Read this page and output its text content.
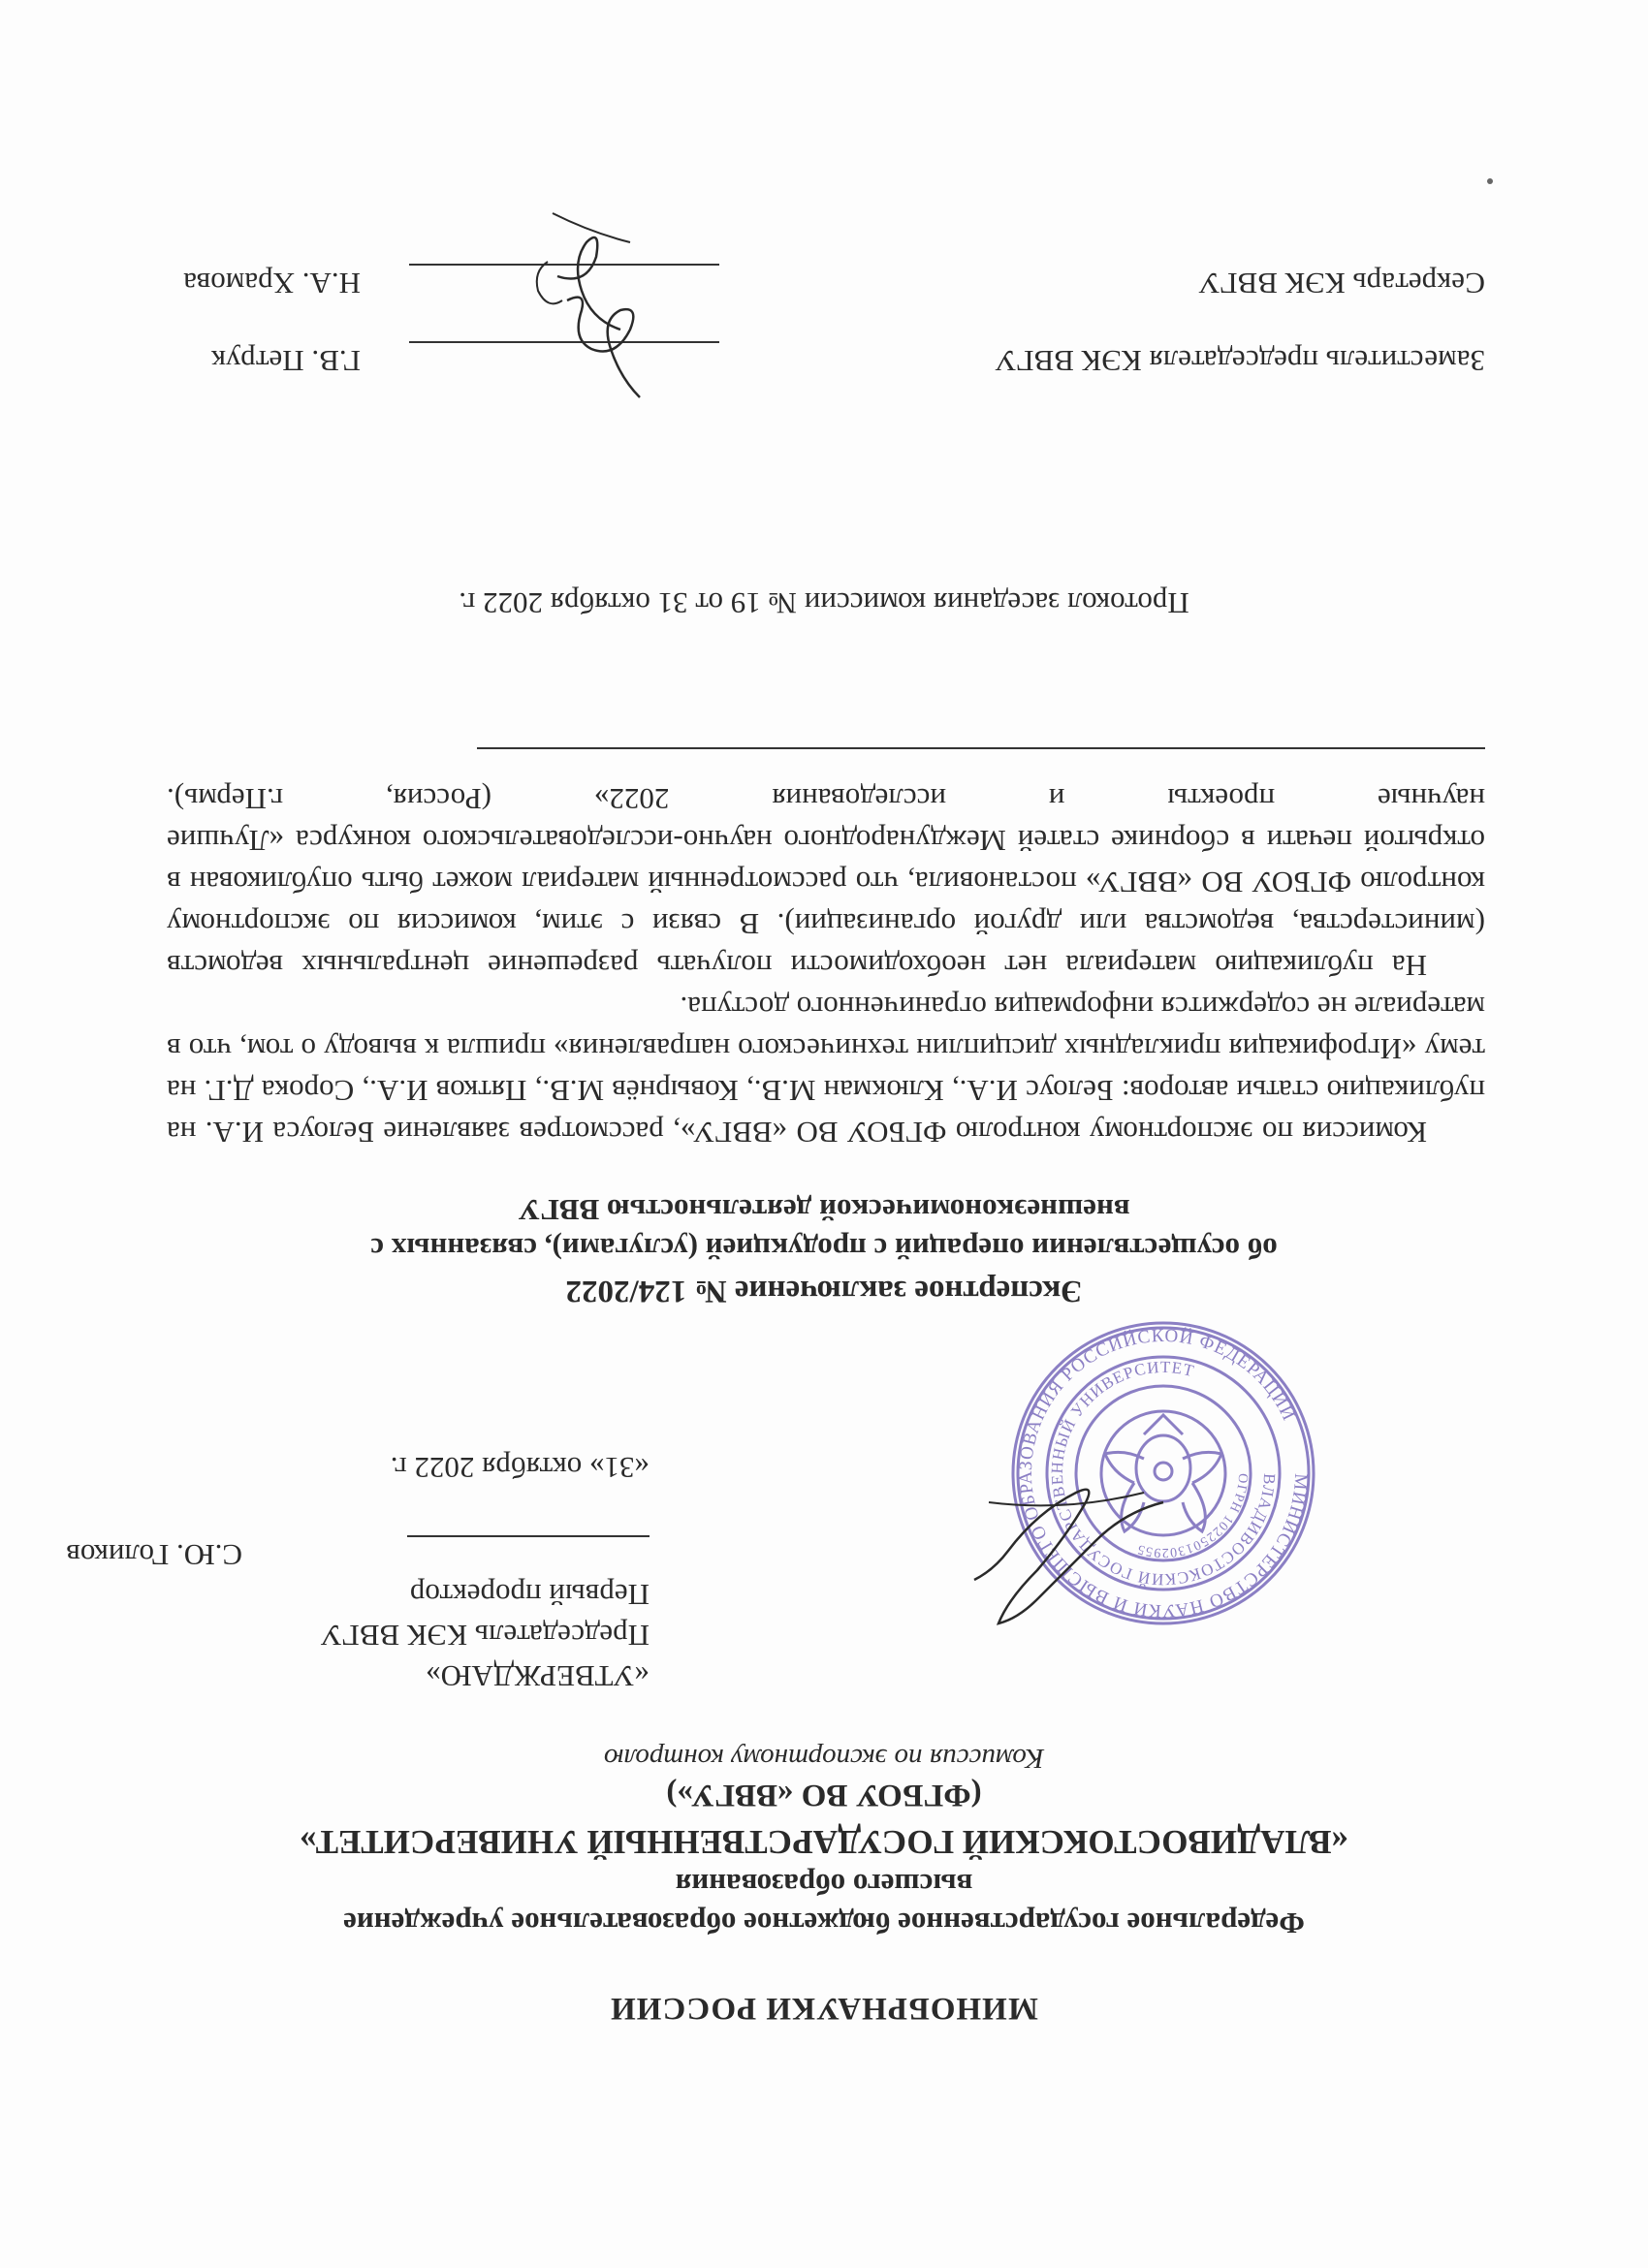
МИНОБРНАУКИ РОССИИ
Федеральное государственное бюджетное образовательное учреждение
высшего образования
«ВЛАДИВОСТОКСКИЙ ГОСУДАРСТВЕННЫЙ УНИВЕРСИТЕТ»
(ФГБОУ ВО «ВВГУ»)
Комиссия по экспортному контролю
МИНИСТЕРСТВО НАУКИ И ВЫСШЕГО ОБРАЗОВАНИЯ РОССИЙСКОЙ ФЕДЕРАЦИИ
ВЛАДИВОСТОКСКИЙ ГОСУДАРСТВЕННЫЙ УНИВЕРСИТЕТ
ОГРН 1022501302955
«УТВЕРЖДАЮ»
Председатель КЭК ВВГУ
Первый проректор
С.Ю. Голиков
«31» октября 2022 г.
Экспертное заключение № 124/2022
об осуществлении операций с продукцией (услугами), связанных с
внешнеэкономической деятельностью ВВГУ

Комиссия по экспортному контролю ФГБОУ ВО «ВВГУ», рассмотрев заявление Белоуса И.А. на публикацию статьи авторов: Белоус И.А., Клюкман М.В., Ковырнёв М.В., Пятков И.А., Сорока Д.Г. на тему «Игрофикация прикладных дисциплин технического направления» пришла к выводу о том, что в материале не содержится информация ограниченного доступа.

На публикацию материала нет необходимости получать разрешение центральных ведомств (министерства, ведомства или другой организации). В связи с этим, комиссия по экспортному контролю ФГБОУ ВО «ВВГУ» постановила, что рассмотренный материал может быть опубликован в открытой печати в сборнике статей Международного научно-исследовательского конкурса «Лучшие научные проекты и исследования 2022» (Россия, г.Пермь).

Протокол заседания комиссии № 19 от 31 октября 2022 г.
Заместитель председателя КЭК ВВГУ
Г.В. Петрук
Секретарь КЭК ВВГУ
Н.А. Храмова
